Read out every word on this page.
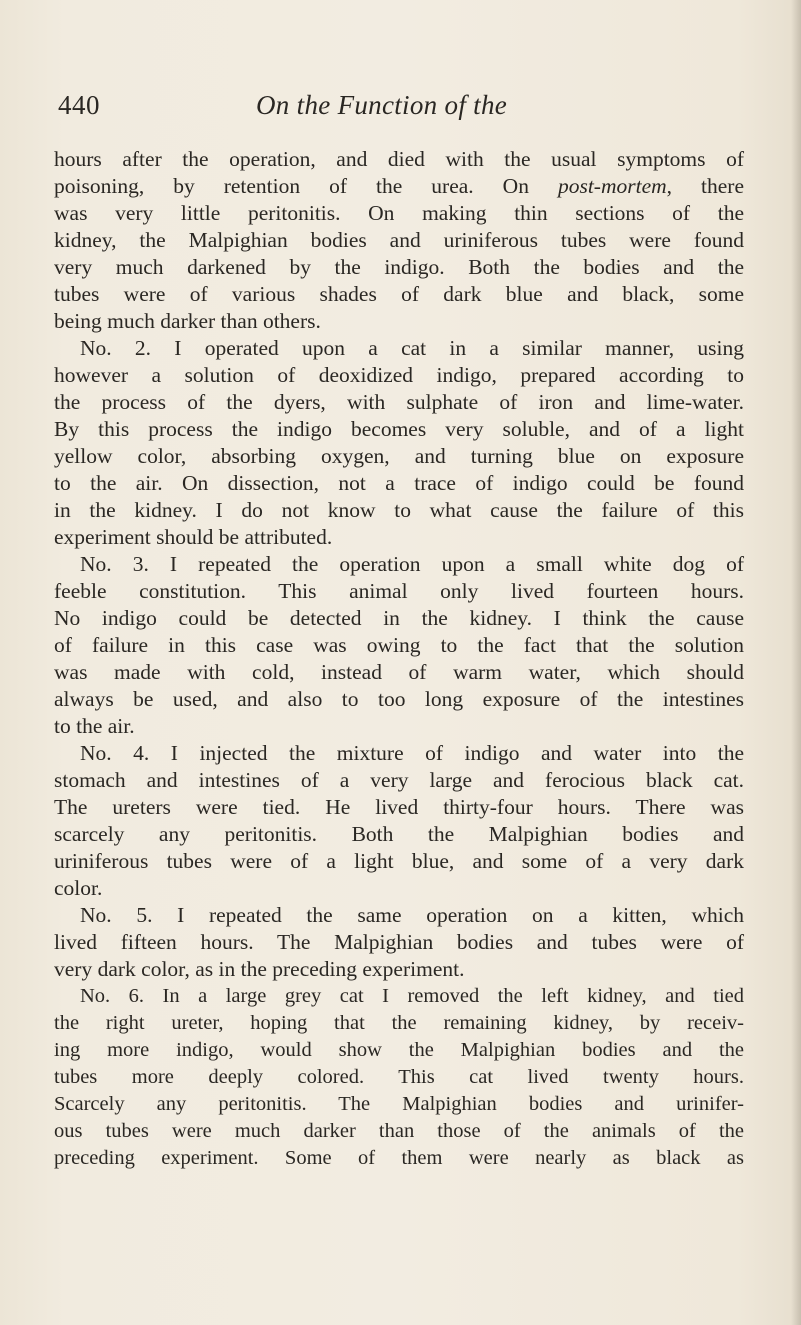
440	On the Function of the
hours after the operation, and died with the usual symptoms of
poisoning, by retention of the urea. On post-mortem, there
was very little peritonitis. On making thin sections of the
kidney, the Malpighian bodies and uriniferous tubes were found
very much darkened by the indigo. Both the bodies and the
tubes were of various shades of dark blue and black, some
being much darker than others.
No. 2. I operated upon a cat in a similar manner, using
however a solution of deoxidized indigo, prepared according to
the process of the dyers, with sulphate of iron and lime-water.
By this process the indigo becomes very soluble, and of a light
yellow color, absorbing oxygen, and turning blue on exposure
to the air. On dissection, not a trace of indigo could be found
in the kidney. I do not know to what cause the failure of this
experiment should be attributed.
No. 3. I repeated the operation upon a small white dog of
feeble constitution. This animal only lived fourteen hours.
No indigo could be detected in the kidney. I think the cause
of failure in this case was owing to the fact that the solution
was made with cold, instead of warm water, which should
always be used, and also to too long exposure of the intestines
to the air.
No. 4. I injected the mixture of indigo and water into the
stomach and intestines of a very large and ferocious black cat.
The ureters were tied. He lived thirty-four hours. There was
scarcely any peritonitis. Both the Malpighian bodies and
uriniferous tubes were of a light blue, and some of a very dark
color.
No. 5. I repeated the same operation on a kitten, which
lived fifteen hours. The Malpighian bodies and tubes were of
very dark color, as in the preceding experiment.
No. 6. In a large grey cat I removed the left kidney, and tied
the right ureter, hoping that the remaining kidney, by receiv-
ing more indigo, would show the Malpighian bodies and the
tubes more deeply colored. This cat lived twenty hours.
Scarcely any peritonitis. The Malpighian bodies and urinifer-
ous tubes were much darker than those of the animals of the
preceding experiment. Some of them were nearly as black as
